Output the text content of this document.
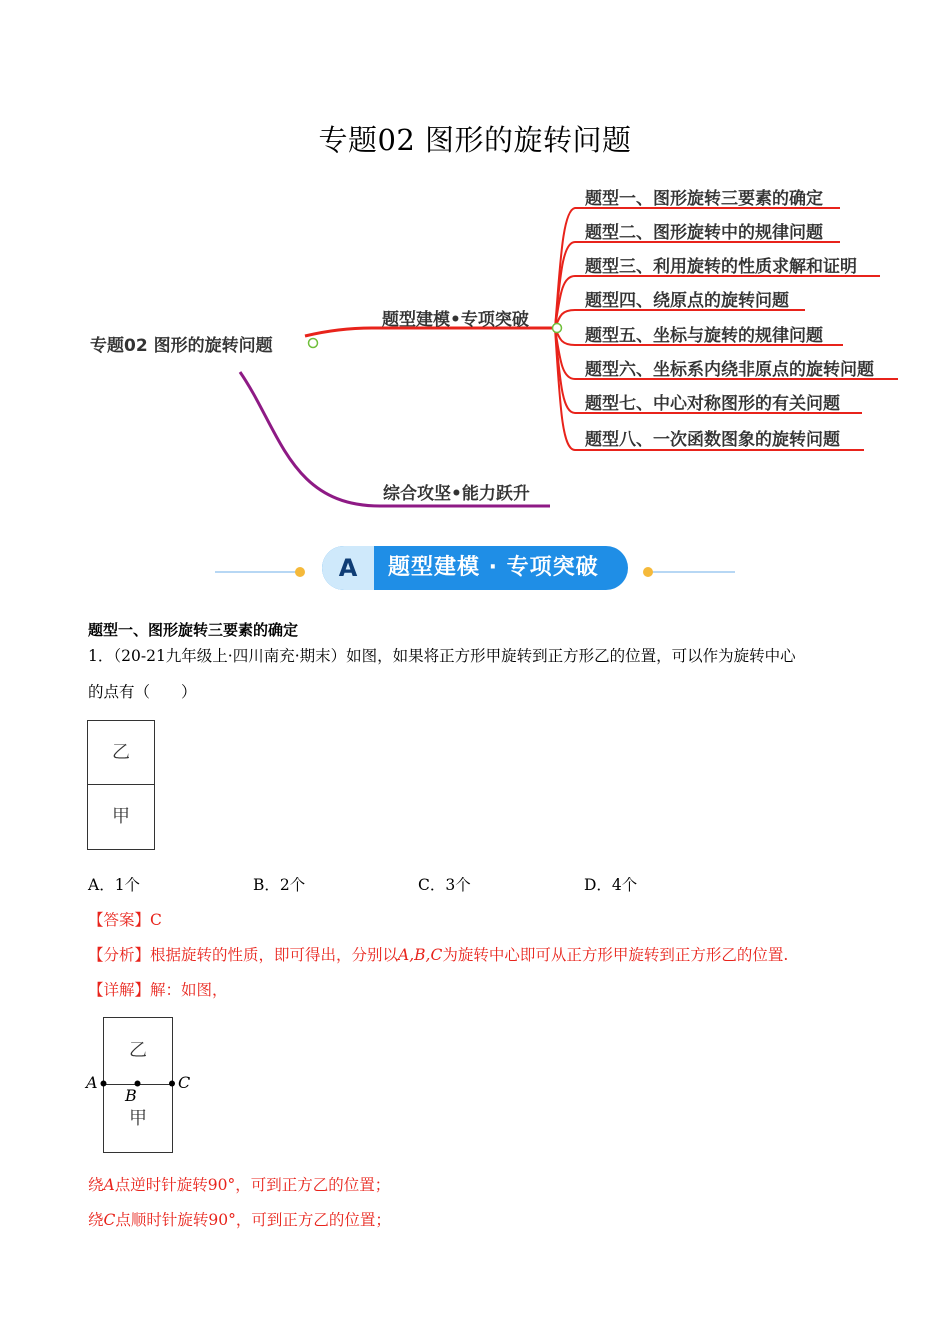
专题02 图形的旋转问题
专题02 图形的旋转问题
题型建模•专项突破
综合攻坚•能力跃升
题型一、图形旋转三要素的确定
题型二、图形旋转中的规律问题
题型三、利用旋转的性质求解和证明
题型四、绕原点的旋转问题
题型五、坐标与旋转的规律问题
题型六、坐标系内绕非原点的旋转问题
题型七、中心对称图形的有关问题
题型八、一次函数图象的旋转问题
A	题型建模 · 专项突破
题型一、图形旋转三要素的确定
1．（20-21九年级上·四川南充·期末）如图，如果将正方形甲旋转到正方形乙的位置，可以作为旋转中心
的点有（　　）
乙
甲
A．1个	B．2个	C．3个	D．4个
【答案】C
【分析】根据旋转的性质，即可得出，分别以A,B,C为旋转中心即可从正方形甲旋转到正方形乙的位置.
【详解】解：如图，
乙
甲
A
B
C
绕A点逆时针旋转90°，可到正方乙的位置；
绕C点顺时针旋转90°，可到正方乙的位置；
